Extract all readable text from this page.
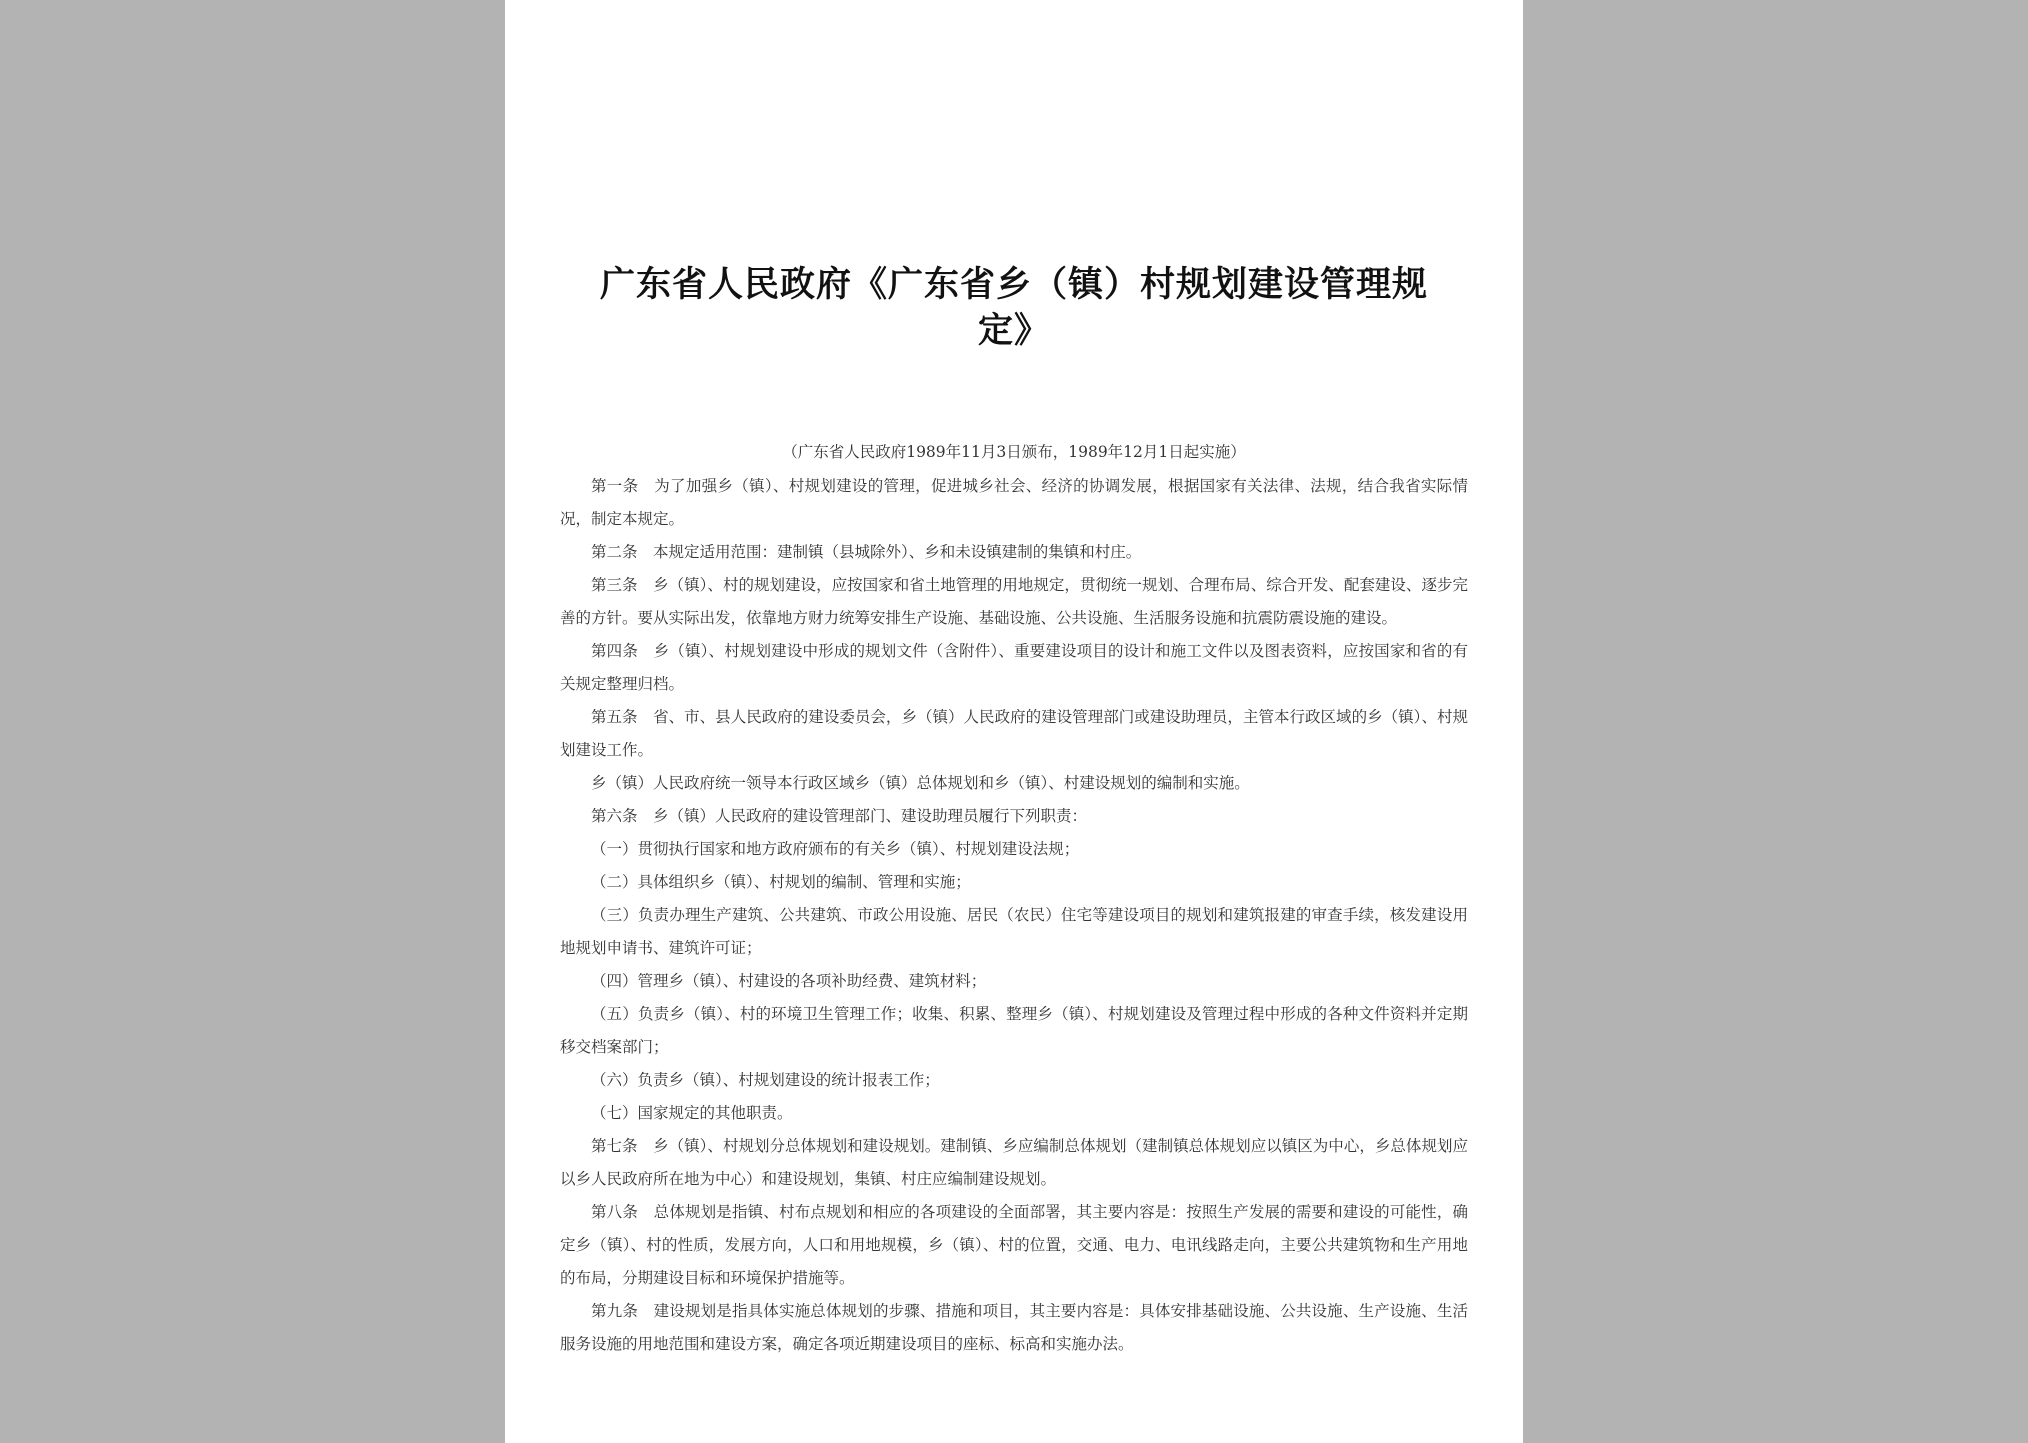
广东省人民政府《广东省乡（镇）村规划建设管理规定》
（广东省人民政府1989年11月3日颁布，1989年12月1日起实施）

第一条　为了加强乡（镇）、村规划建设的管理，促进城乡社会、经济的协调发展，根据国家有关法律、法规，结合我省实际情况，制定本规定。

第二条　本规定适用范围：建制镇（县城除外）、乡和未设镇建制的集镇和村庄。

第三条　乡（镇）、村的规划建设，应按国家和省土地管理的用地规定，贯彻统一规划、合理布局、综合开发、配套建设、逐步完善的方针。要从实际出发，依靠地方财力统筹安排生产设施、基础设施、公共设施、生活服务设施和抗震防震设施的建设。

第四条　乡（镇）、村规划建设中形成的规划文件（含附件）、重要建设项目的设计和施工文件以及图表资料，应按国家和省的有关规定整理归档。

第五条　省、市、县人民政府的建设委员会，乡（镇）人民政府的建设管理部门或建设助理员，主管本行政区域的乡（镇）、村规划建设工作。

乡（镇）人民政府统一领导本行政区域乡（镇）总体规划和乡（镇）、村建设规划的编制和实施。

第六条　乡（镇）人民政府的建设管理部门、建设助理员履行下列职责：

（一）贯彻执行国家和地方政府颁布的有关乡（镇）、村规划建设法规；

（二）具体组织乡（镇）、村规划的编制、管理和实施；

（三）负责办理生产建筑、公共建筑、市政公用设施、居民（农民）住宅等建设项目的规划和建筑报建的审查手续，核发建设用地规划申请书、建筑许可证；

（四）管理乡（镇）、村建设的各项补助经费、建筑材料；

（五）负责乡（镇）、村的环境卫生管理工作；收集、积累、整理乡（镇）、村规划建设及管理过程中形成的各种文件资料并定期移交档案部门；

（六）负责乡（镇）、村规划建设的统计报表工作；

（七）国家规定的其他职责。

第七条　乡（镇）、村规划分总体规划和建设规划。建制镇、乡应编制总体规划（建制镇总体规划应以镇区为中心，乡总体规划应以乡人民政府所在地为中心）和建设规划，集镇、村庄应编制建设规划。

第八条　总体规划是指镇、村布点规划和相应的各项建设的全面部署，其主要内容是：按照生产发展的需要和建设的可能性，确定乡（镇）、村的性质，发展方向，人口和用地规模，乡（镇）、村的位置，交通、电力、电讯线路走向，主要公共建筑物和生产用地的布局，分期建设目标和环境保护措施等。

第九条　建设规划是指具体实施总体规划的步骤、措施和项目，其主要内容是：具体安排基础设施、公共设施、生产设施、生活服务设施的用地范围和建设方案，确定各项近期建设项目的座标、标高和实施办法。
